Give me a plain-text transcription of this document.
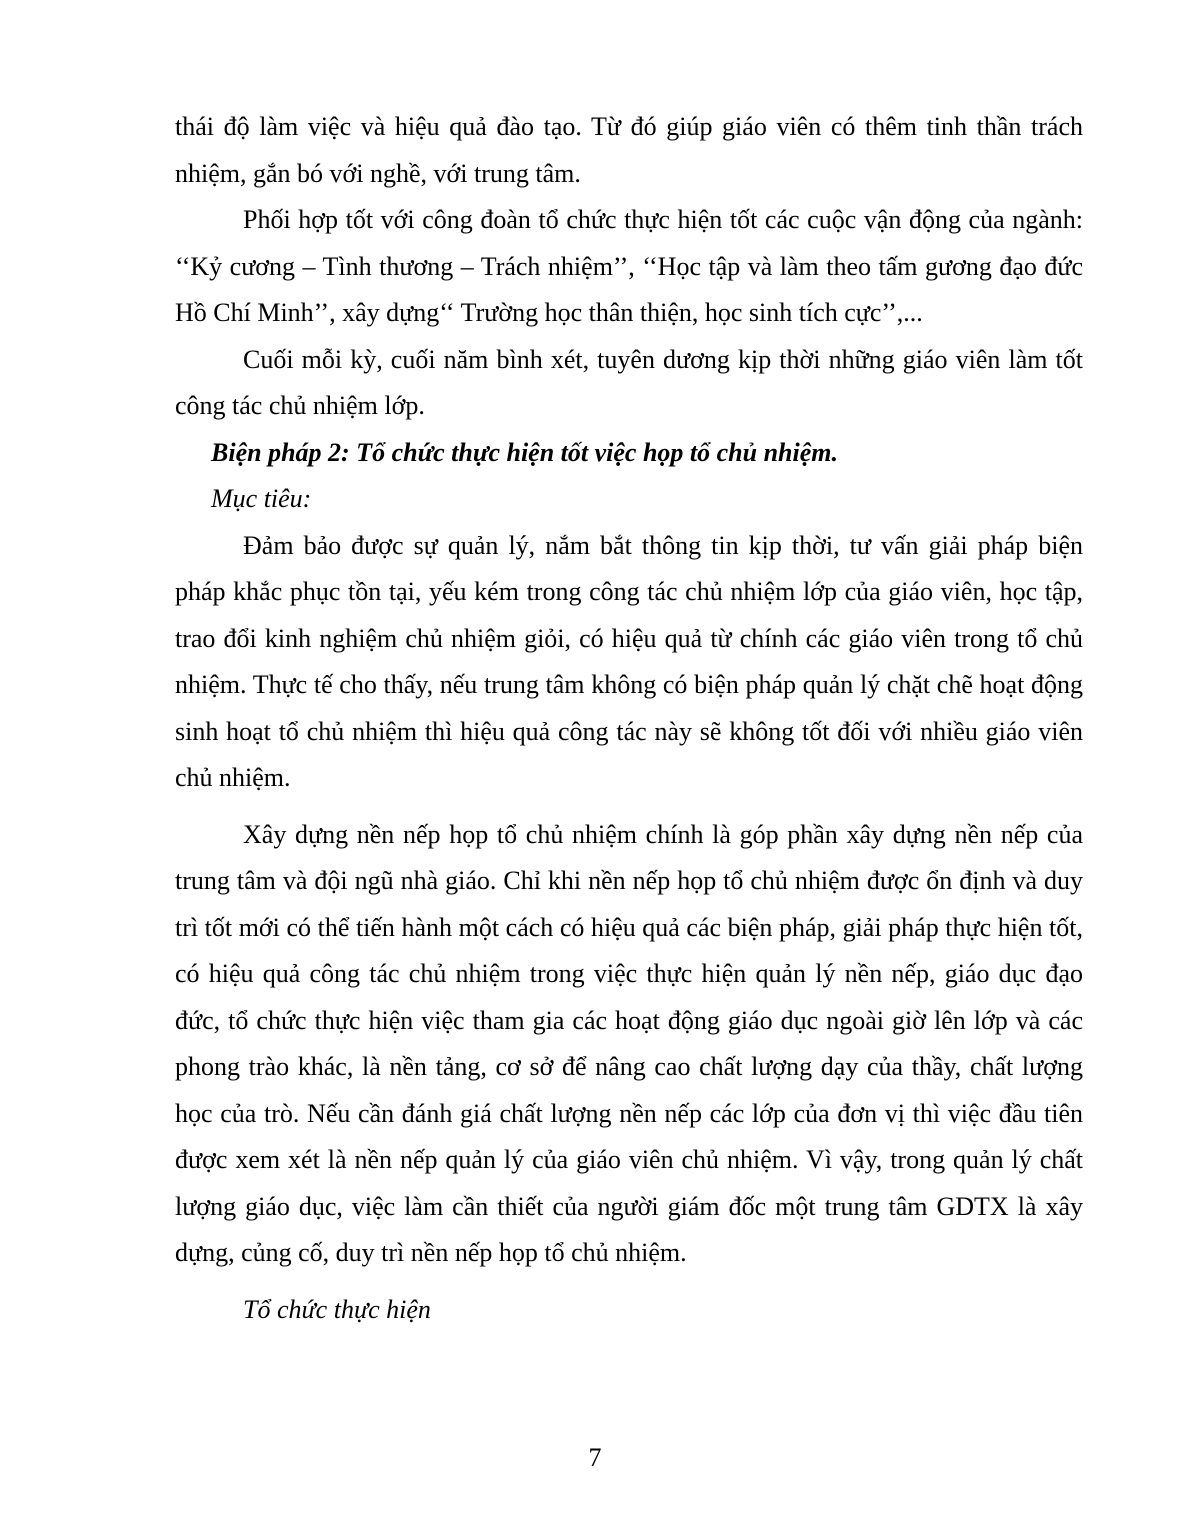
thái độ làm việc và hiệu quả đào tạo. Từ đó giúp giáo viên có thêm tinh thần trách nhiệm, gắn bó với nghề, với trung tâm.

Phối hợp tốt với công đoàn tổ chức thực hiện tốt các cuộc vận động của ngành: ‘‘Kỷ cương – Tình thương – Trách nhiệm’’, ‘‘Học tập và làm theo tấm gương đạo đức Hồ Chí Minh’’, xây dựng‘‘ Trường học thân thiện, học sinh tích cực’’,...

Cuối mỗi kỳ, cuối năm bình xét, tuyên dương kịp thời những giáo viên làm tốt công tác chủ nhiệm lớp.

Biện pháp 2: Tổ chức thực hiện tốt việc họp tổ chủ nhiệm.

Mục tiêu:

Đảm bảo được sự quản lý, nắm bắt thông tin kịp thời, tư vấn giải pháp biện pháp khắc phục tồn tại, yếu kém trong công tác chủ nhiệm lớp của giáo viên, học tập, trao đổi kinh nghiệm chủ nhiệm giỏi, có hiệu quả từ chính các giáo viên trong tổ chủ nhiệm. Thực tế cho thấy, nếu trung tâm không có biện pháp quản lý chặt chẽ hoạt động sinh hoạt tổ chủ nhiệm thì hiệu quả công tác này sẽ không tốt đối với nhiều giáo viên chủ nhiệm.

Xây dựng nền nếp họp tổ chủ nhiệm chính là góp phần xây dựng nền nếp của trung tâm và đội ngũ nhà giáo. Chỉ khi nền nếp họp tổ chủ nhiệm được ổn định và duy trì tốt mới có thể tiến hành một cách có hiệu quả các biện pháp, giải pháp thực hiện tốt, có hiệu quả công tác chủ nhiệm trong việc thực hiện quản lý nền nếp, giáo dục đạo đức, tổ chức thực hiện việc tham gia các hoạt động giáo dục ngoài giờ lên lớp và các phong trào khác, là nền tảng, cơ sở để nâng cao chất lượng dạy của thầy, chất lượng học của trò. Nếu cần đánh giá chất lượng nền nếp các lớp của đơn vị thì việc đầu tiên được xem xét là nền nếp quản lý của giáo viên chủ nhiệm. Vì vậy, trong quản lý chất lượng giáo dục, việc làm cần thiết của người giám đốc một trung tâm GDTX là xây dựng, củng cố, duy trì nền nếp họp tổ chủ nhiệm.

Tổ chức thực hiện

7
